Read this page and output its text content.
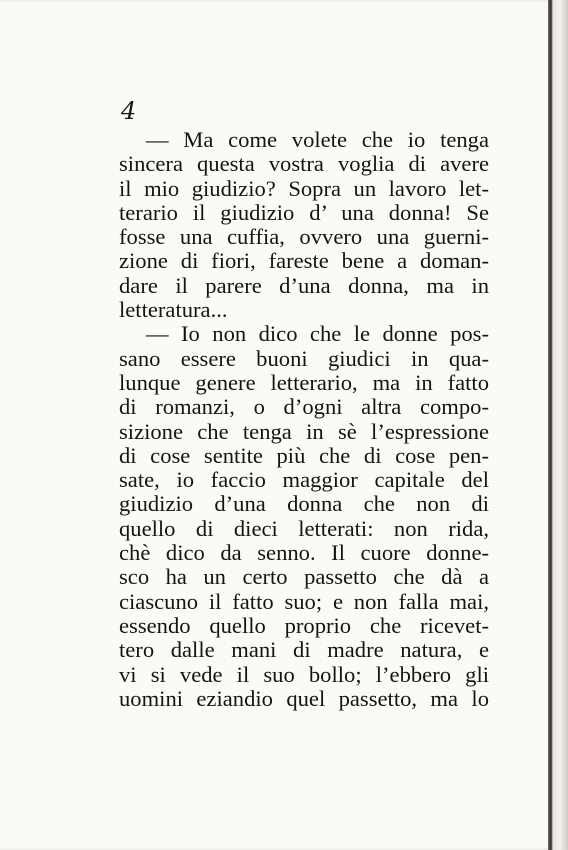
4
— Ma come volete che io tenga
sincera questa vostra voglia di avere
il mio giudizio? Sopra un lavoro let-
terario il giudizio d’ una donna! Se
fosse una cuffia, ovvero una guerni-
zione di fiori, fareste bene a doman-
dare il parere d’una donna, ma in
letteratura...
— Io non dico che le donne pos-
sano essere buoni giudici in qua-
lunque genere letterario, ma in fatto
di romanzi, o d’ogni altra compo-
sizione che tenga in sè l’espressione
di cose sentite più che di cose pen-
sate, io faccio maggior capitale del
giudizio d’una donna che non di
quello di dieci letterati: non rida,
chè dico da senno. Il cuore donne-
sco ha un certo passetto che dà a
ciascuno il fatto suo; e non falla mai,
essendo quello proprio che ricevet-
tero dalle mani di madre natura, e
vi si vede il suo bollo; l’ebbero gli
uomini eziandio quel passetto, ma lo
